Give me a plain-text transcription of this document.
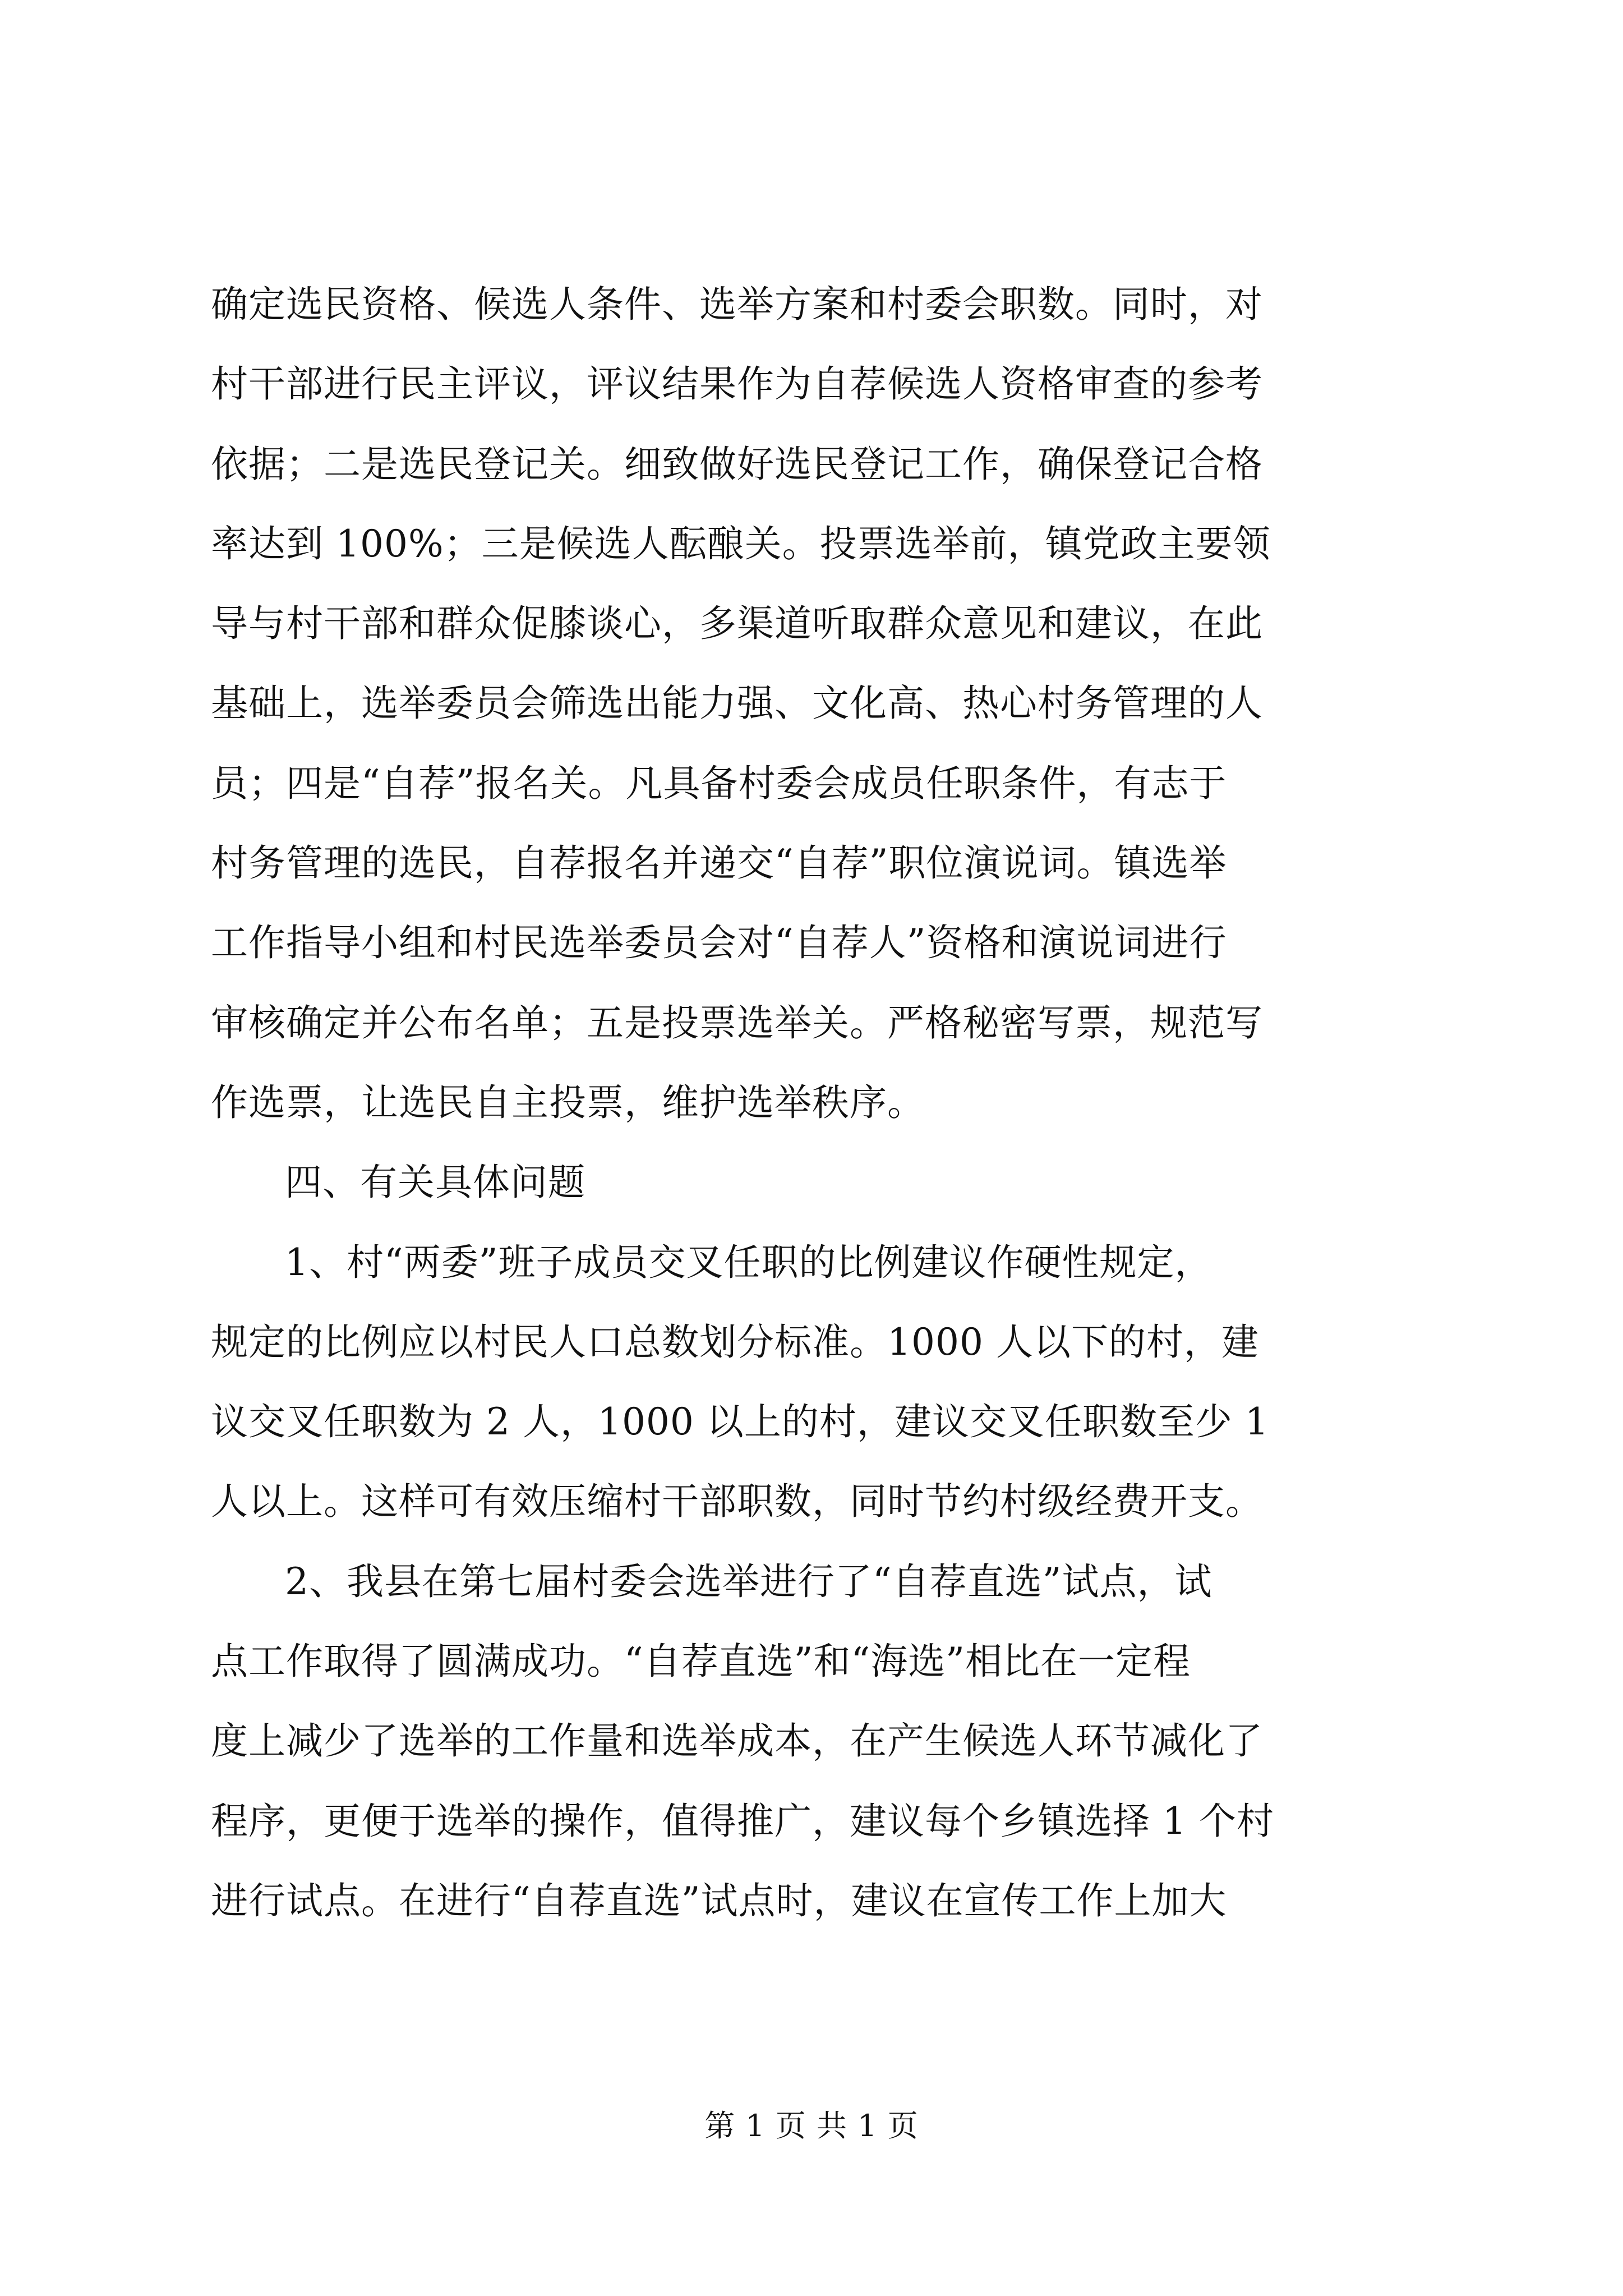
确定选民资格、候选人条件、选举方案和村委会职数。同时，对
村干部进行民主评议，评议结果作为自荐候选人资格审查的参考
依据；二是选民登记关。细致做好选民登记工作，确保登记合格
率达到 100%；三是候选人酝酿关。投票选举前，镇党政主要领
导与村干部和群众促膝谈心，多渠道听取群众意见和建议，在此
基础上，选举委员会筛选出能力强、文化高、热心村务管理的人
员；四是“自荐”报名关。凡具备村委会成员任职条件，有志于
村务管理的选民，自荐报名并递交“自荐”职位演说词。镇选举
工作指导小组和村民选举委员会对“自荐人”资格和演说词进行
审核确定并公布名单；五是投票选举关。严格秘密写票，规范写
作选票，让选民自主投票，维护选举秩序。
四、有关具体问题
1、村“两委”班子成员交叉任职的比例建议作硬性规定，
规定的比例应以村民人口总数划分标准。1000 人以下的村，建
议交叉任职数为 2 人，1000 以上的村，建议交叉任职数至少 1
人以上。这样可有效压缩村干部职数，同时节约村级经费开支。
2、我县在第七届村委会选举进行了“自荐直选”试点，试
点工作取得了圆满成功。“自荐直选”和“海选”相比在一定程
度上减少了选举的工作量和选举成本，在产生候选人环节减化了
程序，更便于选举的操作，值得推广，建议每个乡镇选择 1 个村
进行试点。在进行“自荐直选”试点时，建议在宣传工作上加大
第 1 页 共 1 页
